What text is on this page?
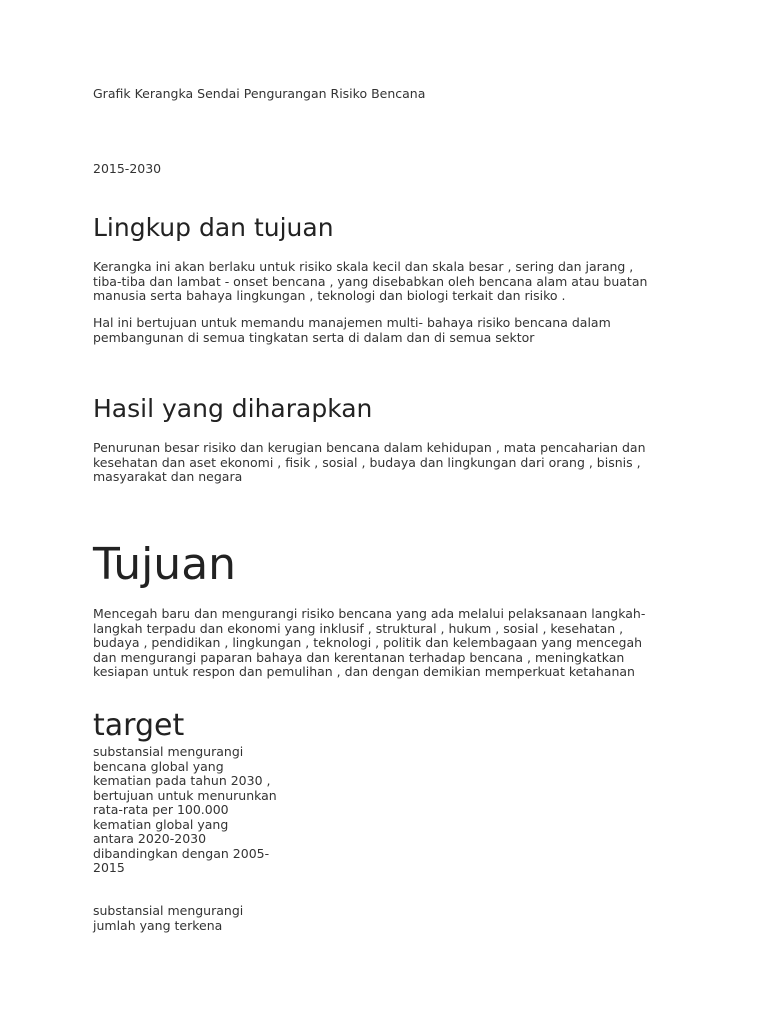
Grafik Kerangka Sendai Pengurangan Risiko Bencana

2015-2030

Lingkup dan tujuan

Kerangka ini akan berlaku untuk risiko skala kecil dan skala besar , sering dan jarang ,
tiba-tiba dan lambat - onset bencana , yang disebabkan oleh bencana alam atau buatan
manusia serta bahaya lingkungan , teknologi dan biologi terkait dan risiko .

Hal ini bertujuan untuk memandu manajemen multi- bahaya risiko bencana dalam
pembangunan di semua tingkatan serta di dalam dan di semua sektor

Hasil yang diharapkan

Penurunan besar risiko dan kerugian bencana dalam kehidupan , mata pencaharian dan
kesehatan dan aset ekonomi , fisik , sosial , budaya dan lingkungan dari orang , bisnis ,
masyarakat dan negara

Tujuan

Mencegah baru dan mengurangi risiko bencana yang ada melalui pelaksanaan langkah-
langkah terpadu dan ekonomi yang inklusif , struktural , hukum , sosial , kesehatan ,
budaya , pendidikan , lingkungan , teknologi , politik dan kelembagaan yang mencegah
dan mengurangi paparan bahaya dan kerentanan terhadap bencana , meningkatkan
kesiapan untuk respon dan pemulihan , dan dengan demikian memperkuat ketahanan

target

substansial mengurangi
bencana global yang
kematian pada tahun 2030 ,
bertujuan untuk menurunkan
rata-rata per 100.000
kematian global yang
antara 2020-2030
dibandingkan dengan 2005-
2015

substansial mengurangi
jumlah yang terkena
